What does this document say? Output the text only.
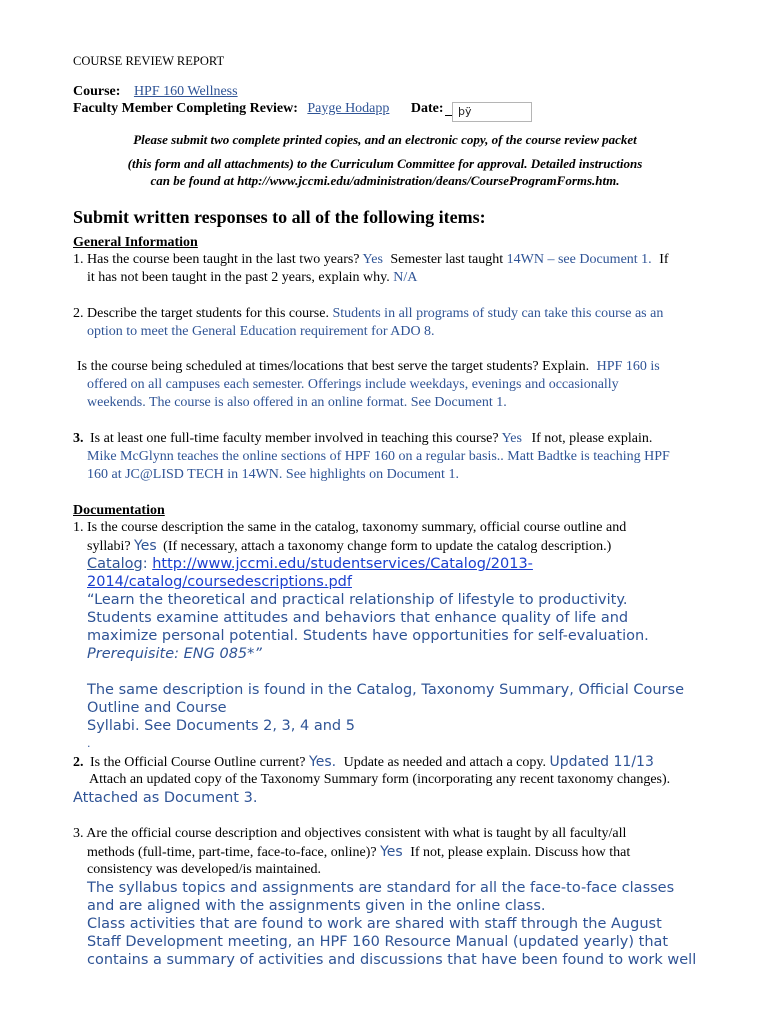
COURSE REVIEW REPORT
Course: HPF 160 Wellness
Faculty Member Completing Review: Payge Hodapp Date:	þÿ
Please submit two complete printed copies, and an electronic copy, of the course review packet
(this form and all attachments) to the Curriculum Committee for approval. Detailed instructions
can be found at http://www.jccmi.edu/administration/deans/CourseProgramForms.htm.
Submit written responses to all of the following items:
General Information
1. Has the course been taught in the last two years? Yes Semester last taught 14WN – see Document 1. If
it has not been taught in the past 2 years, explain why. N/A
2. Describe the target students for this course. Students in all programs of study can take this course as an
option to meet the General Education requirement for ADO 8.
Is the course being scheduled at times/locations that best serve the target students? Explain. HPF 160 is
offered on all campuses each semester. Offerings include weekdays, evenings and occasionally
weekends. The course is also offered in an online format. See Document 1.
3. Is at least one full-time faculty member involved in teaching this course? Yes If not, please explain.
Mike McGlynn teaches the online sections of HPF 160 on a regular basis.. Matt Badtke is teaching HPF
160 at JC@LISD TECH in 14WN. See highlights on Document 1.
Documentation
1. Is the course description the same in the catalog, taxonomy summary, official course outline and
syllabi? Yes (If necessary, attach a taxonomy change form to update the catalog description.)
Catalog: http://www.jccmi.edu/studentservices/Catalog/2013-
2014/catalog/coursedescriptions.pdf
“Learn the theoretical and practical relationship of lifestyle to productivity.
Students examine attitudes and behaviors that enhance quality of life and
maximize personal potential. Students have opportunities for self-evaluation.
Prerequisite: ENG 085*”
The same description is found in the Catalog, Taxonomy Summary, Official Course
Outline and Course
Syllabi. See Documents 2, 3, 4 and 5
.
2. Is the Official Course Outline current? Yes. Update as needed and attach a copy. Updated 11/13
Attach an updated copy of the Taxonomy Summary form (incorporating any recent taxonomy changes).
Attached as Document 3.
3. Are the official course description and objectives consistent with what is taught by all faculty/all
methods (full-time, part-time, face-to-face, online)? Yes If not, please explain. Discuss how that
consistency was developed/is maintained.
The syllabus topics and assignments are standard for all the face-to-face classes
and are aligned with the assignments given in the online class.
Class activities that are found to work are shared with staff through the August
Staff Development meeting, an HPF 160 Resource Manual (updated yearly) that
contains a summary of activities and discussions that have been found to work well
